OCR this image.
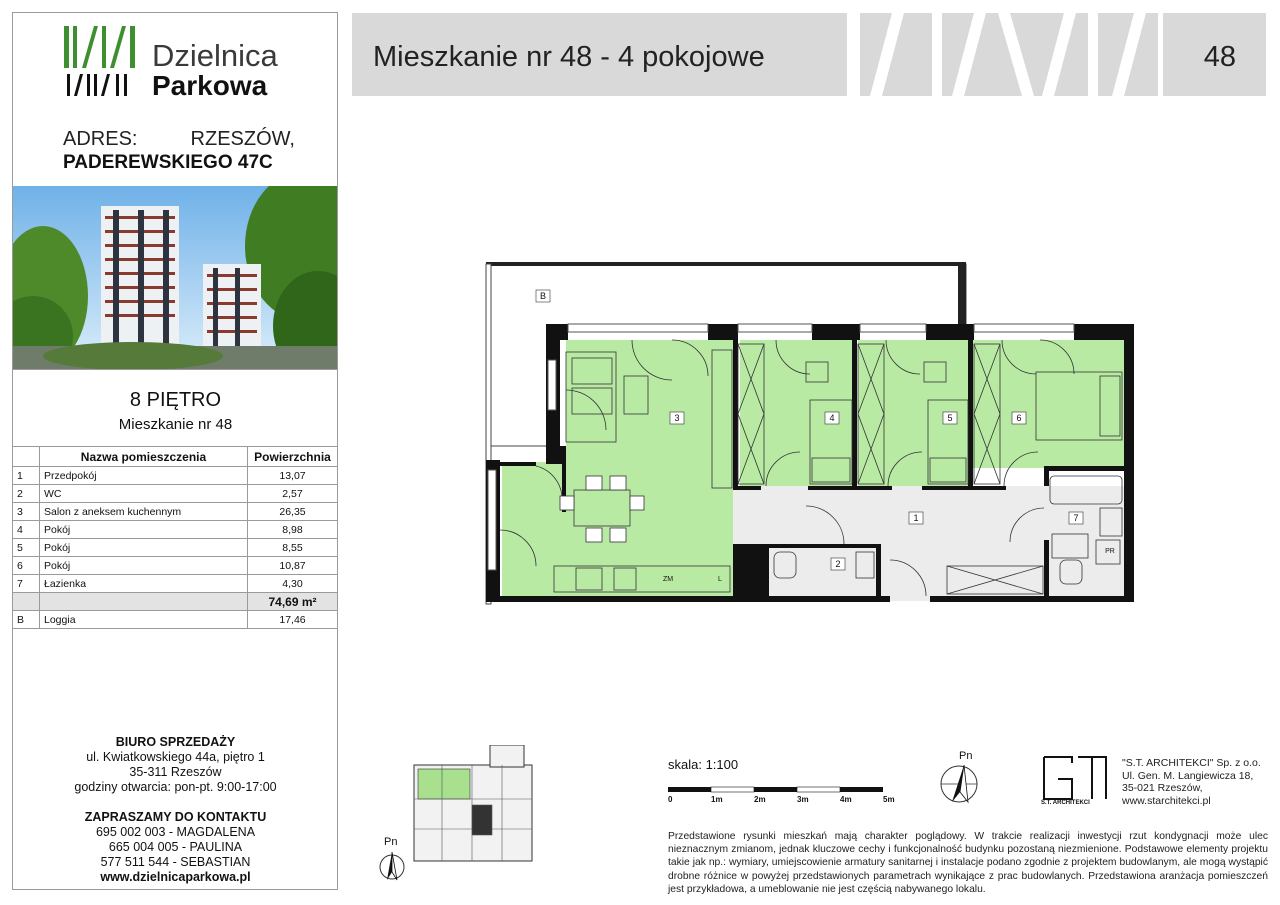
Dzielnica
Parkowa
ADRES:	RZESZÓW,
PADEREWSKIEGO 47C
8 PIĘTRO
Mieszkanie nr 48
	Nazwa pomieszczenia	Powierzchnia
1	Przedpokój	13,07
2	WC	2,57
3	Salon z aneksem kuchennym	26,35
4	Pokój	8,98
5	Pokój	8,55
6	Pokój	10,87
7	Łazienka	4,30
		74,69 m²
B	Loggia	17,46
BIURO SPRZEDAŻY
ul. Kwiatkowskiego 44a, piętro 1
35-311 Rzeszów
godziny otwarcia: pon-pt. 9:00-17:00
ZAPRASZAMY DO KONTAKTU
695 002 003 - MAGDALENA
665 004 005 - PAULINA
577 511 544 - SEBASTIAN
www.dzielnicaparkowa.pl
Mieszkanie nr 48 - 4 pokojowe	48
B
3	4	5	6
1	7
2
ZM	L
PR
Pn
skala: 1:100
0	1m	2m	3m	4m	5m
Pn
S.T. ARCHITEKCI
"S.T. ARCHITEKCI" Sp. z o.o.
Ul. Gen. M. Langiewicza 18,
35-021 Rzeszów,
www.starchitekci.pl
Przedstawione rysunki mieszkań mają charakter poglądowy. W trakcie realizacji inwestycji rzut kondygnacji może ulec nieznacznym zmianom, jednak kluczowe cechy i funkcjonalność budynku pozostaną niezmienione. Podstawowe elementy projektu takie jak np.: wymiary, umiejscowienie armatury sanitarnej i instalacje podano zgodnie z projektem budowlanym, ale mogą wystąpić drobne różnice w powyżej przedstawionych parametrach wynikające z prac budowlanych. Przedstawiona aranżacja pomieszczeń jest przykładowa, a umeblowanie nie jest częścią nabywanego lokalu.
